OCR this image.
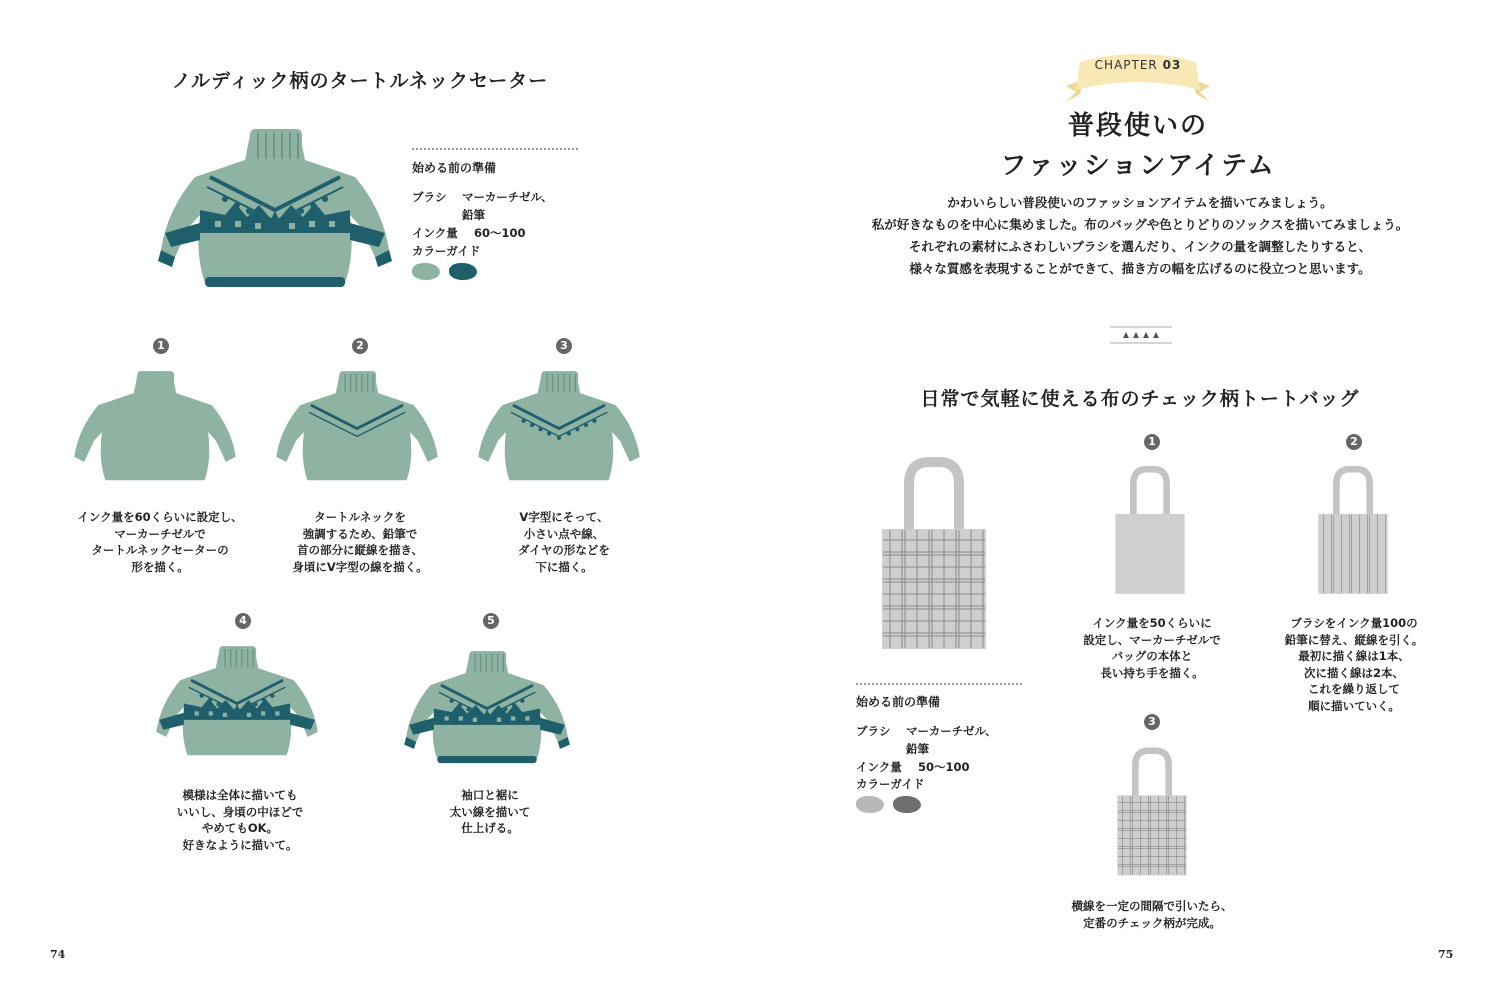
ノルディック柄のタートルネックセーター
始める前の準備
ブラシ マーカーチゼル、
鉛筆
インク量 60〜100
カラーガイド
1
インク量を60くらいに設定し、
マーカーチゼルで
タートルネックセーターの
形を描く。
2
タートルネックを
強調するため、鉛筆で
首の部分に縦線を描き、
身頃にV字型の線を描く。
3
V字型にそって、
小さい点や線、
ダイヤの形などを
下に描く。
4
模様は全体に描いても
いいし、身頃の中ほどで
やめてもOK。
好きなように描いて。
5
袖口と裾に
太い線を描いて
仕上げる。
74
CHAPTER 03
普段使いの
ファッションアイテム
かわいらしい普段使いのファッションアイテムを描いてみましょう。
私が好きなものを中心に集めました。布のバッグや色とりどりのソックスを描いてみましょう。
それぞれの素材にふさわしいブラシを選んだり、インクの量を調整したりすると、
様々な質感を表現することができて、描き方の幅を広げるのに役立つと思います。
日常で気軽に使える布のチェック柄トートバッグ
始める前の準備
ブラシ マーカーチゼル、
鉛筆
インク量 50〜100
カラーガイド
1
インク量を50くらいに
設定し、マーカーチゼルで
バッグの本体と
長い持ち手を描く。
2
ブラシをインク量100の
鉛筆に替え、縦線を引く。
最初に描く線は1本、
次に描く線は2本、
これを繰り返して
順に描いていく。
3
横線を一定の間隔で引いたら、
定番のチェック柄が完成。
75
